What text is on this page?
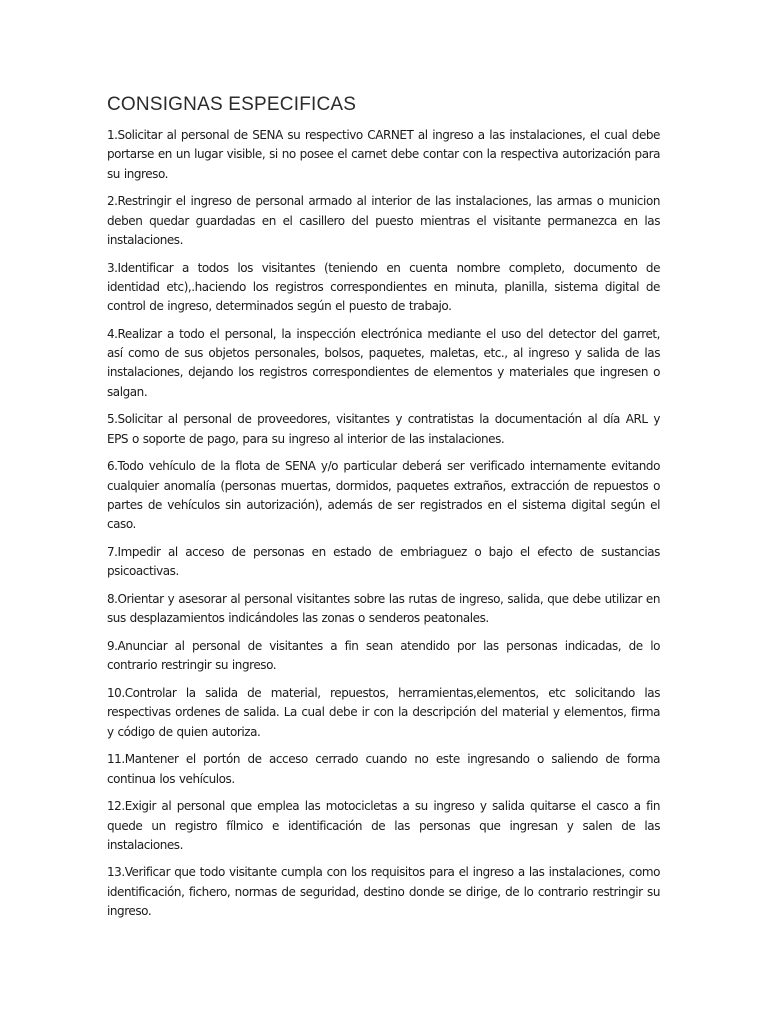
CONSIGNAS ESPECIFICAS
1.Solicitar al personal de SENA su respectivo CARNET al ingreso a las instalaciones, el cual debe portarse en un lugar visible, si no posee el carnet debe contar con la respectiva autorización para su ingreso.
2.Restringir el ingreso de personal armado al interior de las instalaciones, las armas o municion deben quedar guardadas en el casillero del puesto mientras el visitante permanezca en las instalaciones.
3.Identificar a todos los visitantes (teniendo en cuenta nombre completo, documento de identidad etc),.haciendo los registros correspondientes en minuta, planilla, sistema digital de control de ingreso, determinados según el puesto de trabajo.
4.Realizar a todo el personal, la inspección electrónica mediante el uso del detector del garret, así como de sus objetos personales, bolsos, paquetes, maletas, etc., al ingreso y salida de las instalaciones, dejando los registros correspondientes de elementos y materiales que ingresen o salgan.
5.Solicitar al personal de proveedores, visitantes y contratistas la documentación al día ARL y EPS o soporte de pago, para su ingreso al interior de las instalaciones.
6.Todo vehículo de la flota de SENA y/o particular deberá ser verificado internamente evitando cualquier anomalía (personas muertas, dormidos, paquetes extraños, extracción de repuestos o partes de vehículos sin autorización), además de ser registrados en el sistema digital según el caso.
7.Impedir al acceso de personas en estado de embriaguez o bajo el efecto de sustancias psicoactivas.
8.Orientar y asesorar al personal visitantes sobre las rutas de ingreso, salida, que debe utilizar en sus desplazamientos indicándoles las zonas o senderos peatonales.
9.Anunciar al personal de visitantes a fin sean atendido por las personas indicadas, de lo contrario restringir su ingreso.
10.Controlar la salida de material, repuestos, herramientas,elementos, etc solicitando las respectivas ordenes de salida. La cual debe ir con la descripción del material y elementos, firma y código de quien autoriza.
11.Mantener el portón de acceso cerrado cuando no este ingresando o saliendo de forma continua los vehículos.
12.Exigir al personal que emplea las motocicletas a su ingreso y salida quitarse el casco a fin quede un registro fílmico e identificación de las personas que ingresan y salen de las instalaciones.
13.Verificar que todo visitante cumpla con los requisitos para el ingreso a las instalaciones, como identificación, fichero, normas de seguridad, destino donde se dirige, de lo contrario restringir su ingreso.
